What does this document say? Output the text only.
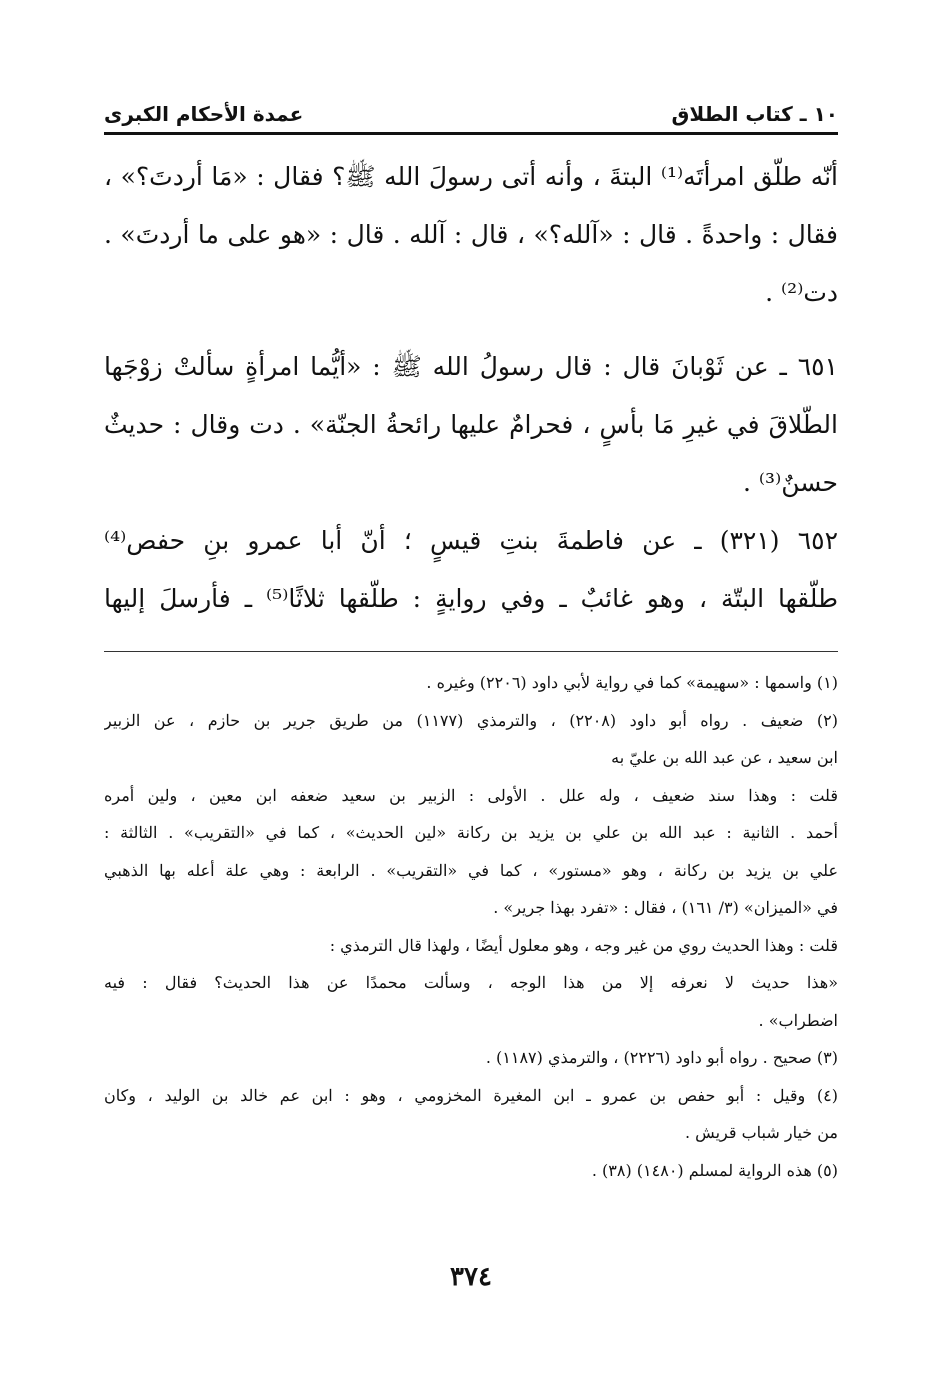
١٠ ـ كتاب الطلاق
عمدة الأحكام الكبرى
أنّه طلّق امرأتَه⁽¹⁾ البتةَ ، وأنه أتى رسولَ الله ﷺ؟ فقال : «مَا أردتَ؟» ،
فقال : واحدةً . قال : «آلله؟» ، قال : آلله . قال : «هو على ما أردتَ» .
دت⁽²⁾ .
٦٥١ ـ عن ثَوْبانَ قال : قال رسولُ الله ﷺ : «أيُّما امرأةٍ سألتْ زوْجَها
الطّلاقَ في غيرِ مَا بأسٍ ، فحرامٌ عليها رائحةُ الجنّة» . دت وقال : حديثٌ
حسنٌ⁽³⁾ .
٦٥٢ (٣٢١) ـ عن فاطمةَ بنتِ قيسٍ ؛ أنّ أبا عمرو بنِ حفص⁽⁴⁾
طلّقها البتّة ، وهو غائبٌ ـ وفي روايةٍ : طلّقها ثلاثًا⁽⁵⁾ ـ فأرسلَ إليها
(١) واسمها : «سهيمة» كما في رواية لأبي داود (٢٢٠٦) وغيره .
(٢) ضعيف . رواه أبو داود (٢٢٠٨) ، والترمذي (١١٧٧) من طريق جرير بن حازم ، عن الزبير
ابن سعيد ، عن عبد الله بن عليّ به
قلت : وهذا سند ضعيف ، وله علل . الأولى : الزبير بن سعيد ضعفه ابن معين ، ولين أمره
أحمد . الثانية : عبد الله بن علي بن يزيد بن ركانة «لين الحديث» ، كما في «التقريب» . الثالثة :
علي بن يزيد بن ركانة ، وهو «مستور» ، كما في «التقريب» . الرابعة : وهي علة أعله بها الذهبي
في «الميزان» (٣/ ١٦١) ، فقال : «تفرد بهذا جرير» .
قلت : وهذا الحديث روي من غير وجه ، وهو معلول أيضًا ، ولهذا قال الترمذي :
«هذا حديث لا نعرفه إلا من هذا الوجه ، وسألت محمدًا عن هذا الحديث؟ فقال : فيه
اضطراب» .
(٣) صحيح . رواه أبو داود (٢٢٢٦) ، والترمذي (١١٨٧) .
(٤) وقيل : أبو حفص بن عمرو ـ ابن المغيرة المخزومي ، وهو : ابن عم خالد بن الوليد ، وكان
من خيار شباب قريش .
(٥) هذه الرواية لمسلم (١٤٨٠) (٣٨) .
٣٧٤
